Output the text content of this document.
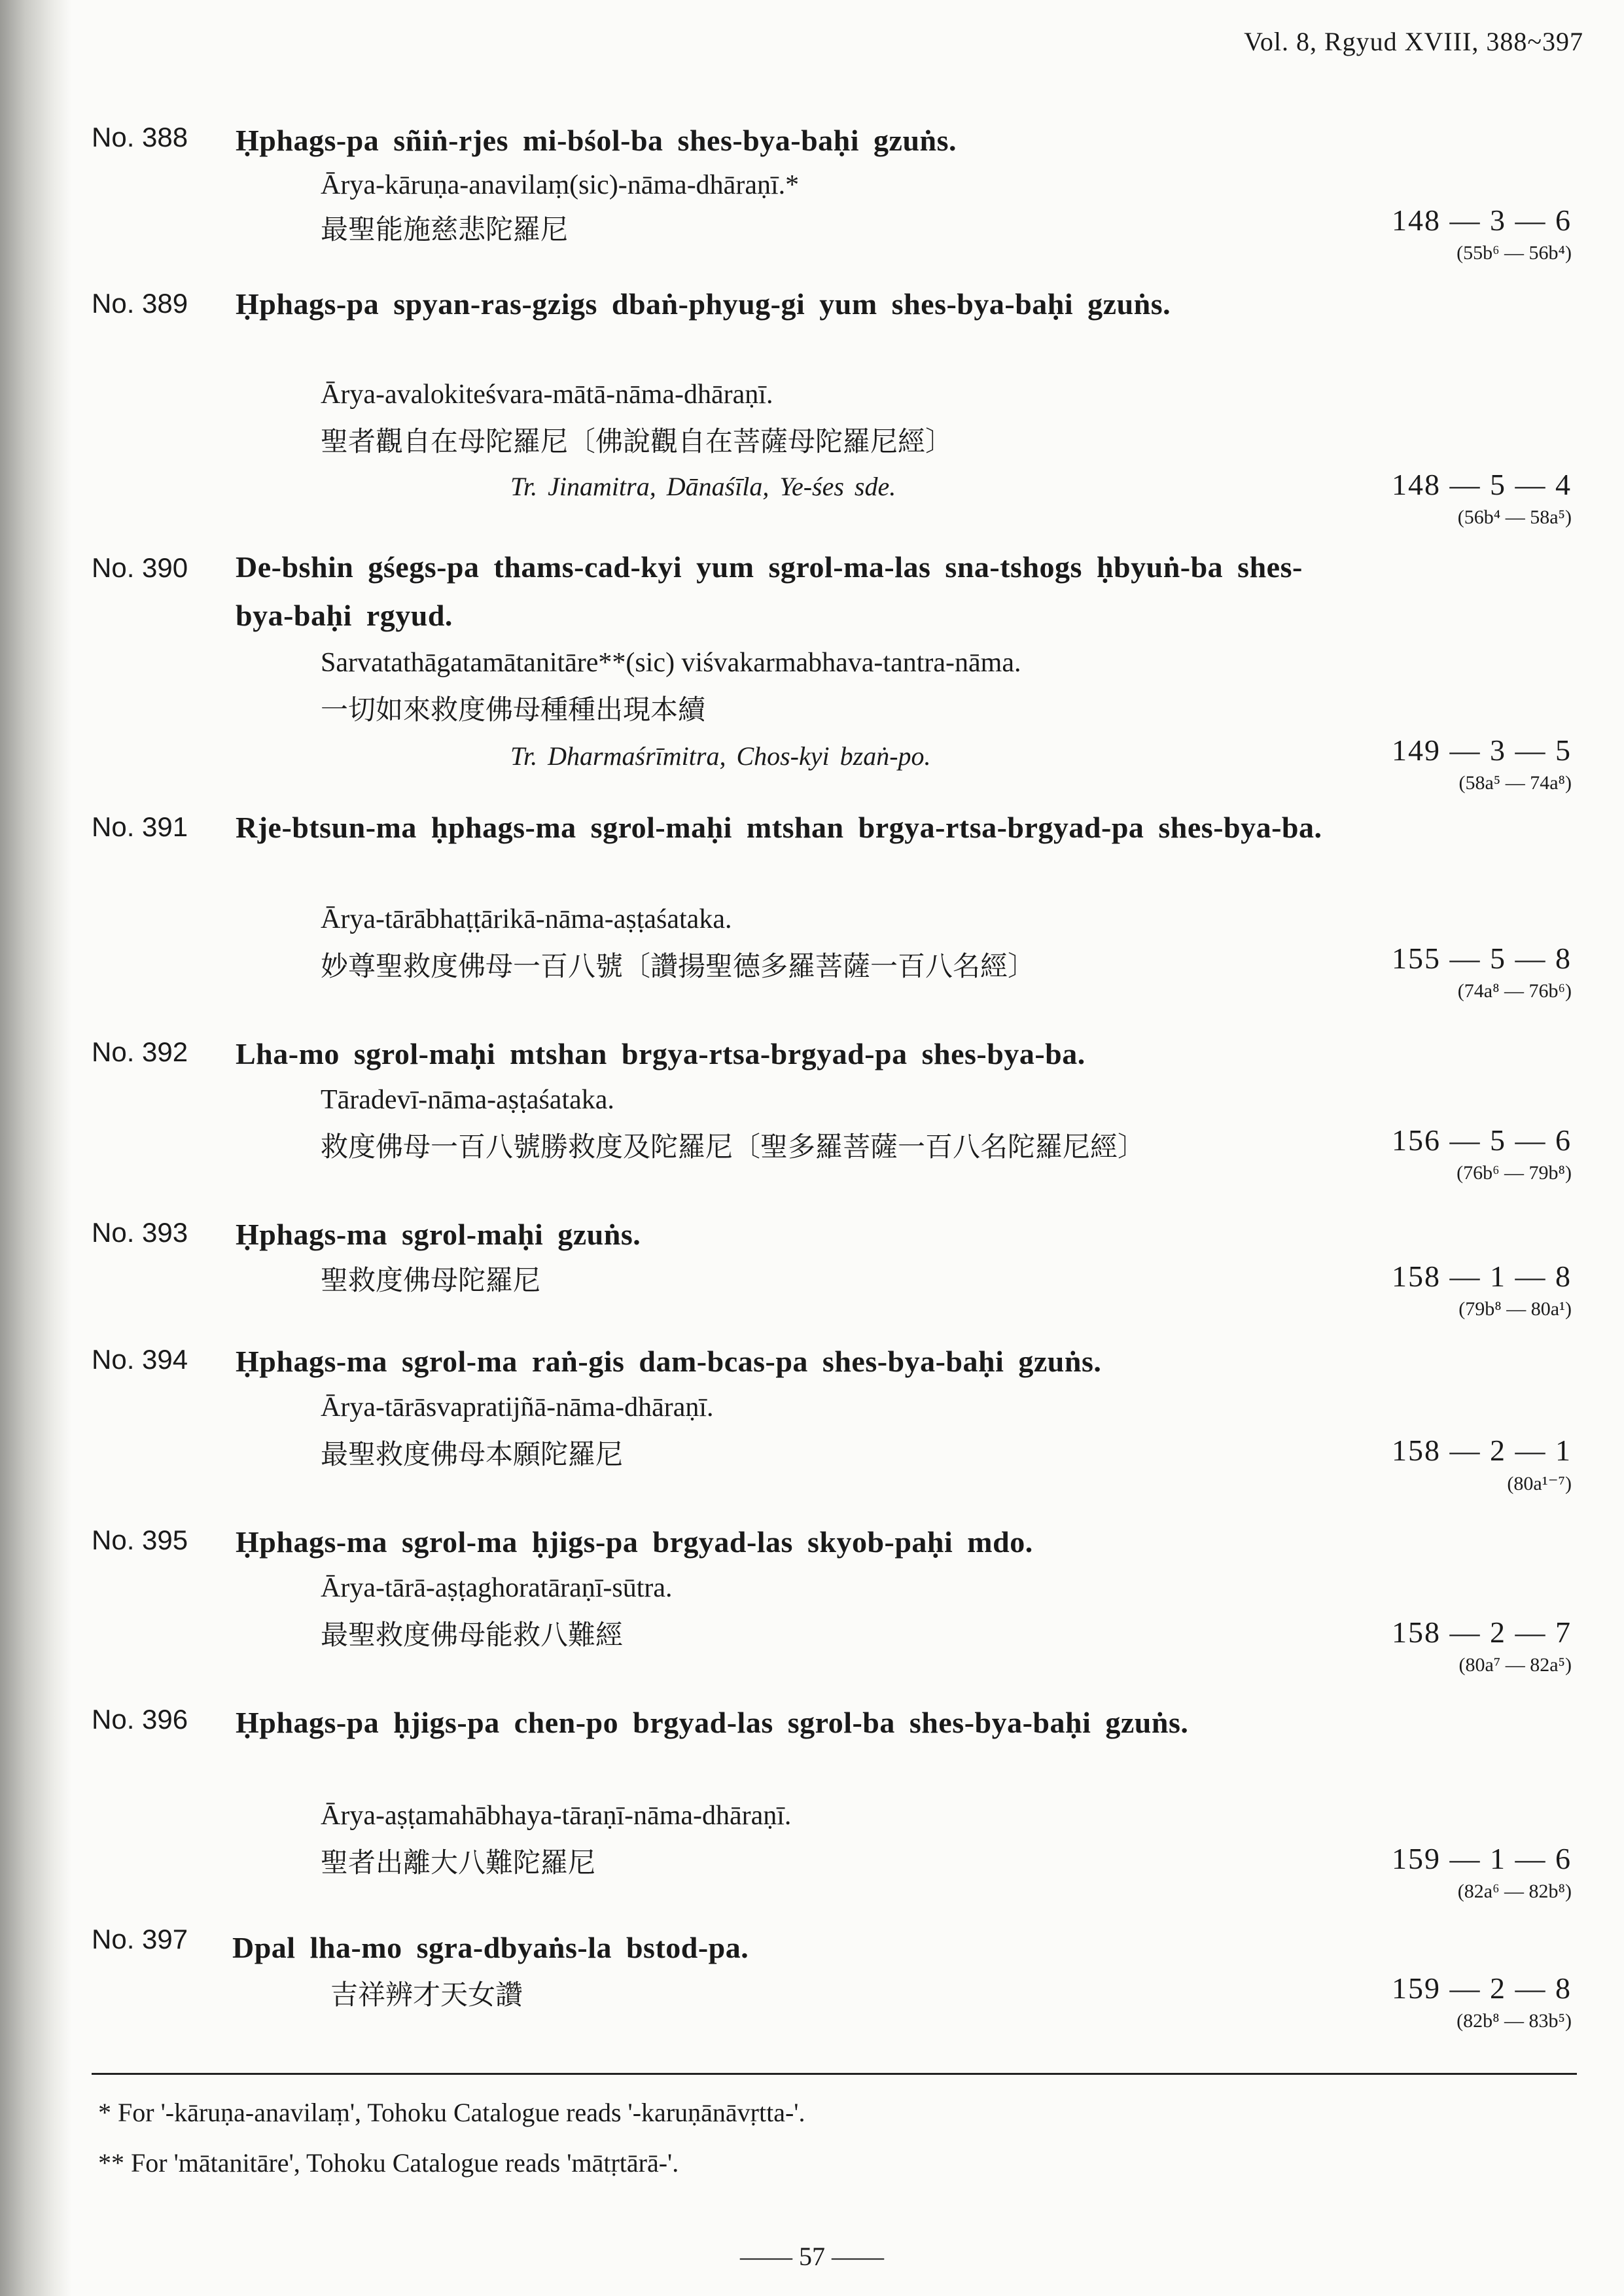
Vol. 8, Rgyud XVIII, 388~397
No. 388 Ḥphags-pa sñiṅ-rjes mi-bśol-ba shes-bya-baḥi gzuṅs.
Ārya-kāruṇa-anavilaṃ(sic)-nāma-dhāraṇī.*
最聖能施慈悲陀羅尼	148 — 3 — 6
(55b⁶ — 56b⁴)
No. 389 Ḥphags-pa spyan-ras-gzigs dbaṅ-phyug-gi yum shes-bya-baḥi gzuṅs.
Ārya-avalokiteśvara-mātā-nāma-dhāraṇī.
聖者觀自在母陀羅尼〔佛說觀自在菩薩母陀羅尼經〕
Tr. Jinamitra, Dānaśīla, Ye-śes sde.	148 — 5 — 4
(56b⁴ — 58a⁵)
No. 390 De-bshin gśegs-pa thams-cad-kyi yum sgrol-ma-las sna-tshogs ḥbyuṅ-ba shes-bya-baḥi rgyud.
Sarvatathāgatamātanitāre**(sic) viśvakarmabhava-tantra-nāma.
一切如來救度佛母種種出現本續
Tr. Dharmaśrīmitra, Chos-kyi bzaṅ-po.	149 — 3 — 5
(58a⁵ — 74a⁸)
No. 391 Rje-btsun-ma ḥphags-ma sgrol-maḥi mtshan brgya-rtsa-brgyad-pa shes-bya-ba.
Ārya-tārābhaṭṭārikā-nāma-aṣṭaśataka.
妙尊聖救度佛母一百八號〔讚揚聖德多羅菩薩一百八名經〕	155 — 5 — 8
(74a⁸ — 76b⁶)
No. 392 Lha-mo sgrol-maḥi mtshan brgya-rtsa-brgyad-pa shes-bya-ba.
Tāradevī-nāma-aṣṭaśataka.
救度佛母一百八號勝救度及陀羅尼〔聖多羅菩薩一百八名陀羅尼經〕	156 — 5 — 6
(76b⁶ — 79b⁸)
No. 393 Ḥphags-ma sgrol-maḥi gzuṅs.
聖救度佛母陀羅尼	158 — 1 — 8
(79b⁸ — 80a¹)
No. 394 Ḥphags-ma sgrol-ma raṅ-gis dam-bcas-pa shes-bya-baḥi gzuṅs.
Ārya-tārāsvapratijñā-nāma-dhāraṇī.
最聖救度佛母本願陀羅尼	158 — 2 — 1
(80a¹⁻⁷)
No. 395 Ḥphags-ma sgrol-ma ḥjigs-pa brgyad-las skyob-paḥi mdo.
Ārya-tārā-aṣṭaghoratāraṇī-sūtra.
最聖救度佛母能救八難經	158 — 2 — 7
(80a⁷ — 82a⁵)
No. 396 Ḥphags-pa ḥjigs-pa chen-po brgyad-las sgrol-ba shes-bya-baḥi gzuṅs.
Ārya-aṣṭamahābhaya-tāraṇī-nāma-dhāraṇī.
聖者出離大八難陀羅尼	159 — 1 — 6
(82a⁶ — 82b⁸)
No. 397 Dpal lha-mo sgra-dbyaṅs-la bstod-pa.
吉祥辨才天女讚	159 — 2 — 8
(82b⁸ — 83b⁵)
* For '-kāruṇa-anavilaṃ', Tohoku Catalogue reads '-karuṇānāvṛtta-'.
** For 'mātanitāre', Tohoku Catalogue reads 'mātṛtārā-'.
—— 57 ——
